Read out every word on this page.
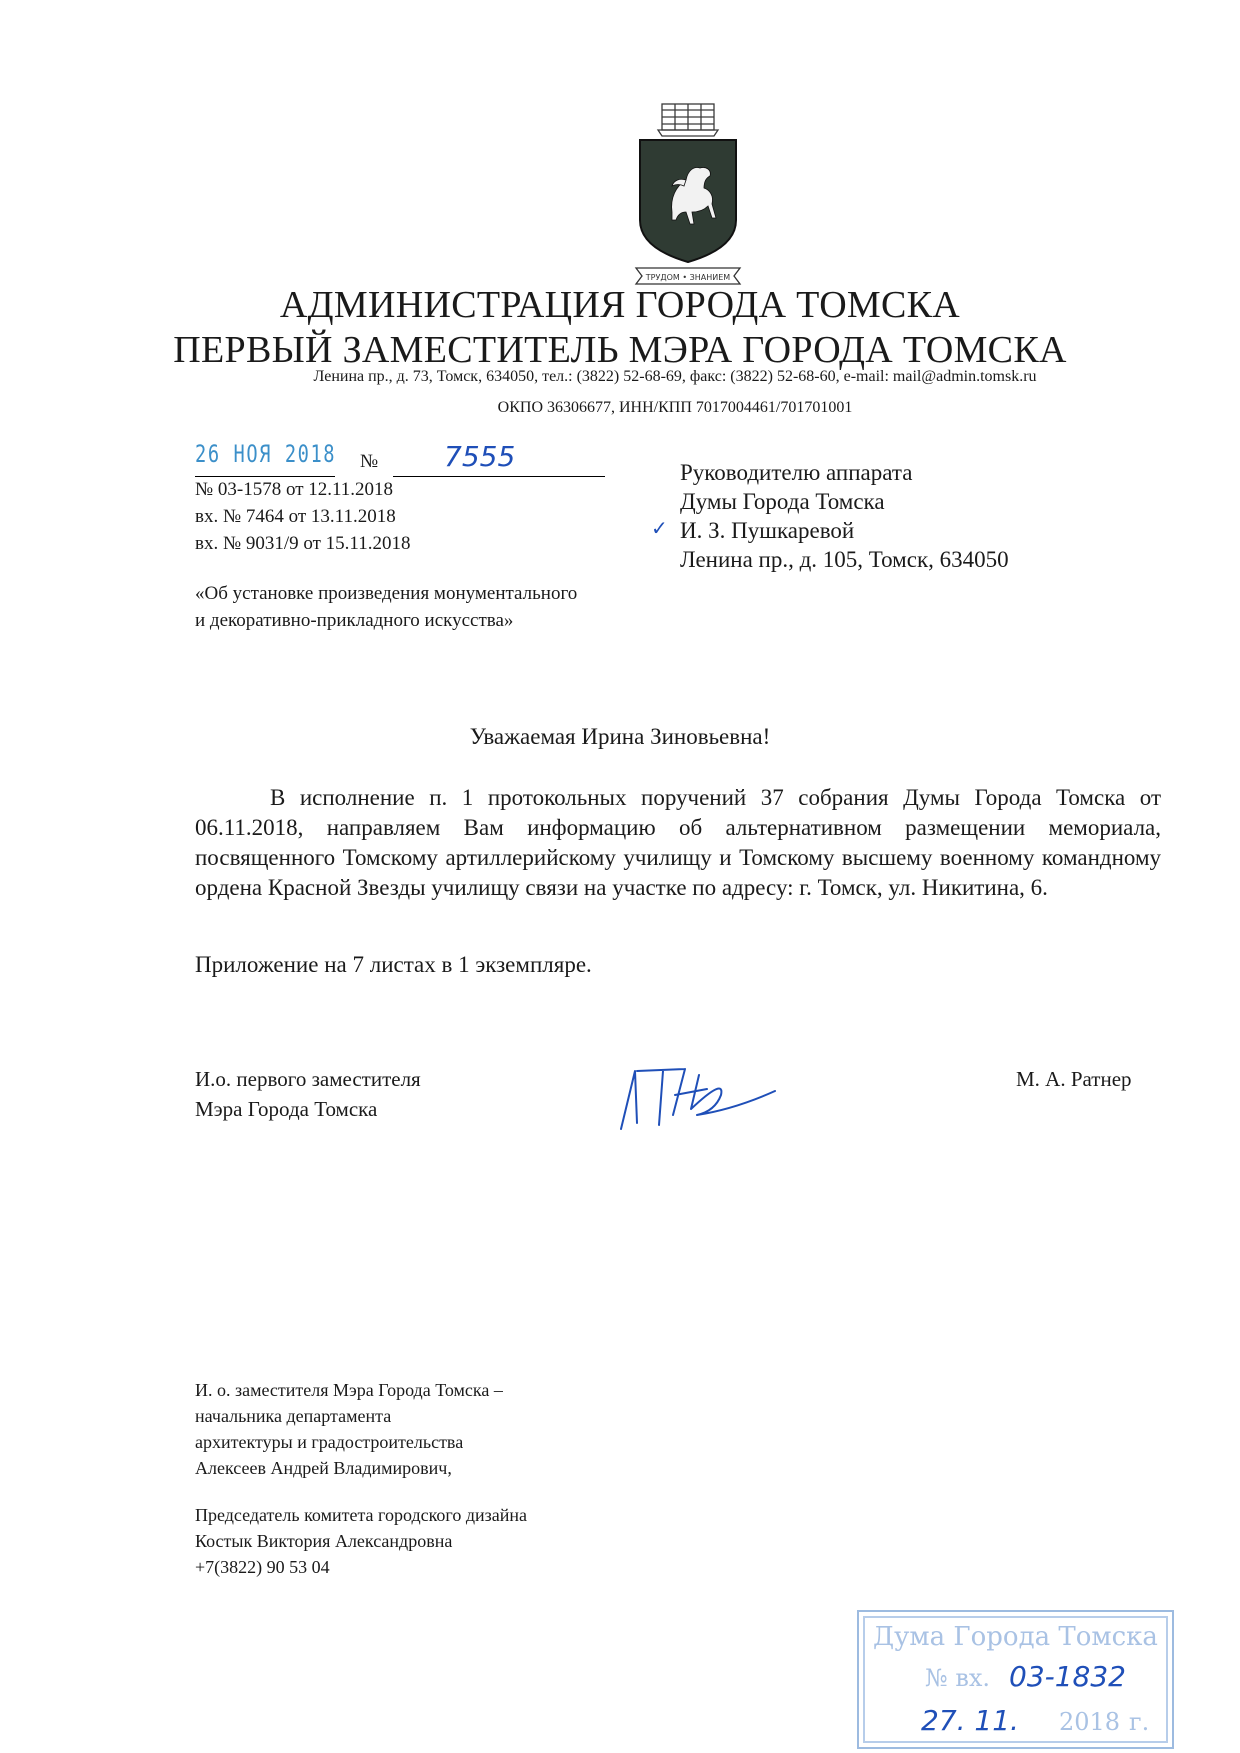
ТРУДОМ • ЗНАНИЕМ
АДМИНИСТРАЦИЯ ГОРОДА ТОМСКА
ПЕРВЫЙ ЗАМЕСТИТЕЛЬ МЭРА ГОРОДА ТОМСКА
Ленина пр., д. 73, Томск, 634050, тел.: (3822) 52-68-69, факс: (3822) 52-68-60, e-mail: mail@admin.tomsk.ru
ОКПО 36306677, ИНН/КПП 7017004461/701701001
26 НОЯ 2018 № 7555
№ 03-1578 от 12.11.2018
вх. № 7464 от 13.11.2018
вх. № 9031/9 от 15.11.2018
«Об установке произведения монументального
и декоративно-прикладного искусства»
Руководителю аппарата
Думы Города Томска
✓ И. З. Пушкаревой
Ленина пр., д. 105, Томск, 634050
Уважаемая Ирина Зиновьевна!

В исполнение п. 1 протокольных поручений 37 собрания Думы Города Томска от 06.11.2018, направляем Вам информацию об альтернативном размещении мемориала, посвященного Томскому артиллерийскому училищу и Томскому высшему военному командному ордена Красной Звезды училищу связи на участке по адресу: г. Томск, ул. Никитина, 6.

Приложение на 7 листах в 1 экземпляре.
И.о. первого заместителя
Мэра Города Томска
М. А. Ратнер
И. о. заместителя Мэра Города Томска –
начальника департамента
архитектуры и градостроительства
Алексеев Андрей Владимирович,
Председатель комитета городского дизайна
Костык Виктория Александровна
+7(3822) 90 53 04
Дума Города Томска
№ вх. 03-1832
27. 11. 2018 г.
